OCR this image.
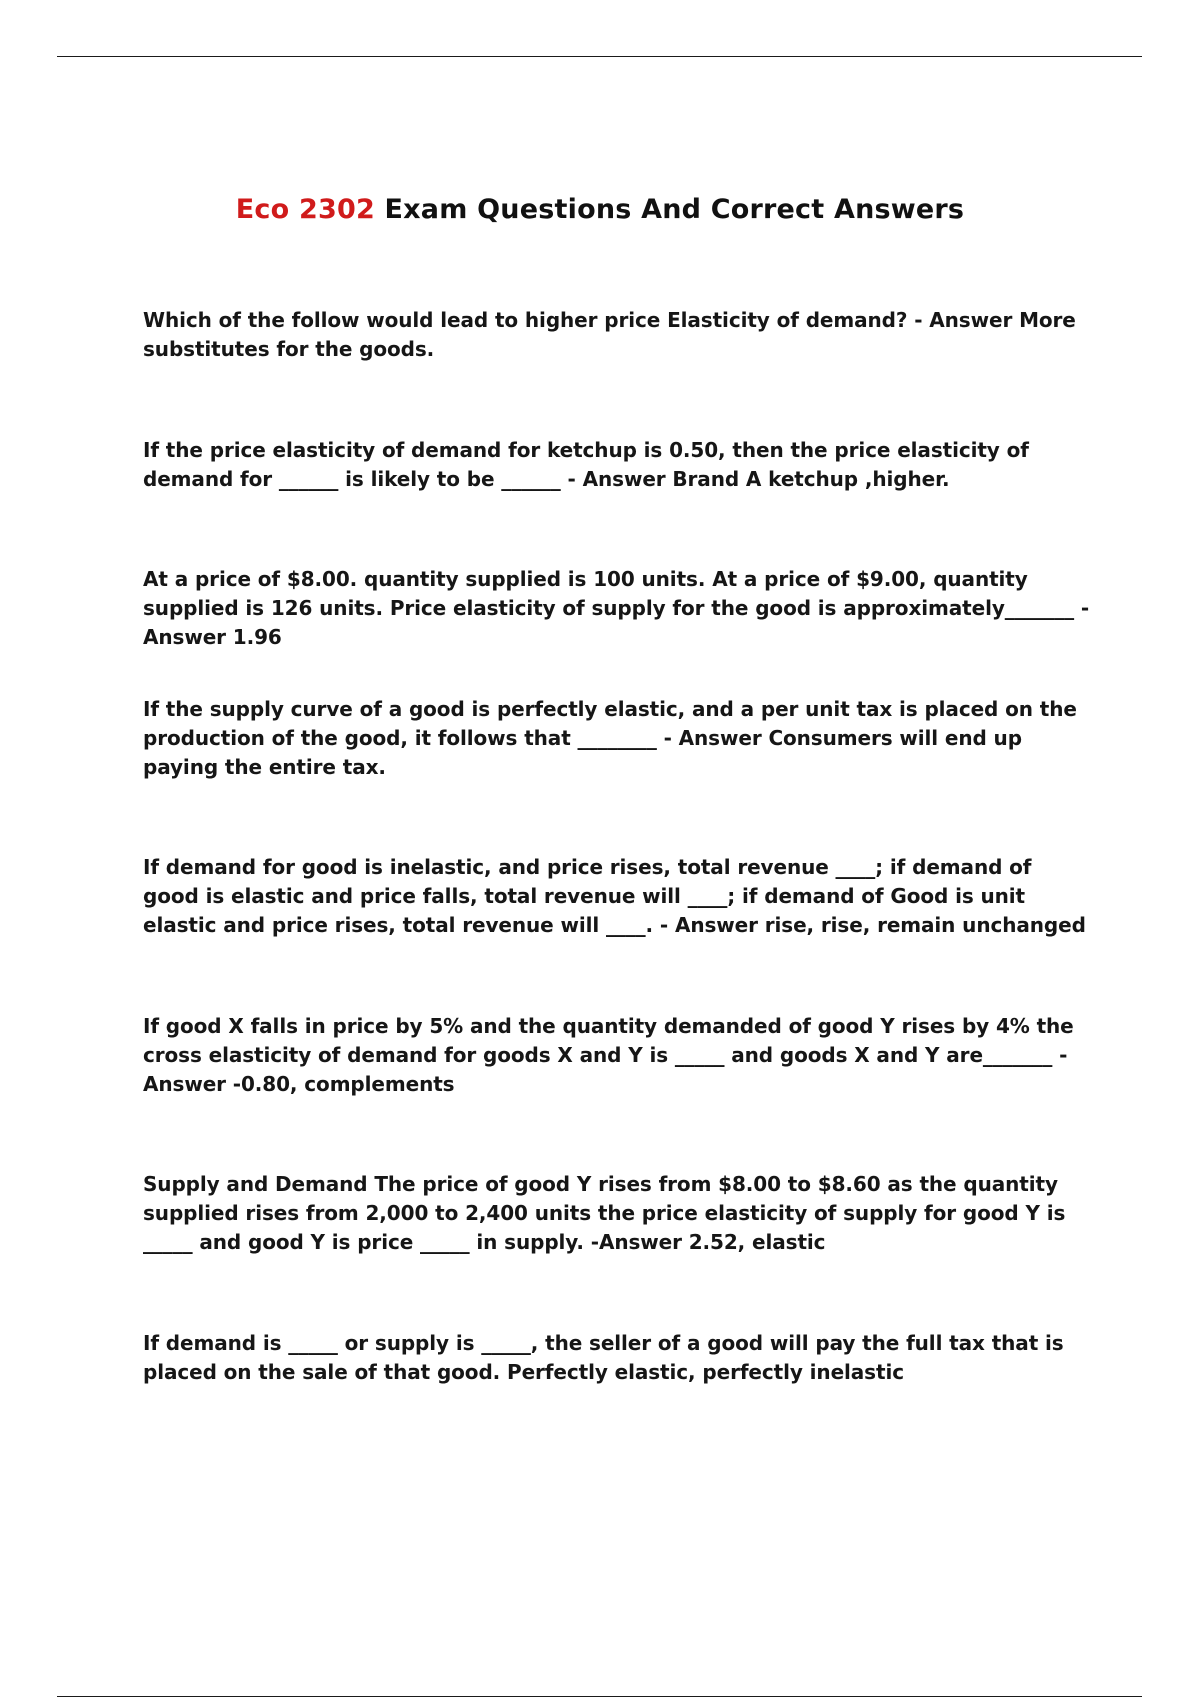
Eco 2302 Exam Questions And Correct Answers

Which of the follow would lead to higher price Elasticity of demand? - Answer More substitutes for the goods.

If the price elasticity of demand for ketchup is 0.50, then the price elasticity of demand for ______ is likely to be ______ - Answer Brand A ketchup ,higher.

At a price of $8.00. quantity supplied is 100 units. At a price of $9.00, quantity supplied is 126 units. Price elasticity of supply for the good is approximately_______ - Answer 1.96

If the supply curve of a good is perfectly elastic, and a per unit tax is placed on the production of the good, it follows that ________ - Answer Consumers will end up paying the entire tax.

If demand for good is inelastic, and price rises, total revenue ____; if demand of good is elastic and price falls, total revenue will ____; if demand of Good is unit elastic and price rises, total revenue will ____. - Answer rise, rise, remain unchanged

If good X falls in price by 5% and the quantity demanded of good Y rises by 4% the cross elasticity of demand for goods X and Y is _____ and goods X and Y are_______ - Answer -0.80, complements

Supply and Demand The price of good Y rises from $8.00 to $8.60 as the quantity supplied rises from 2,000 to 2,400 units the price elasticity of supply for good Y is _____ and good Y is price _____ in supply. -Answer 2.52, elastic

If demand is _____ or supply is _____, the seller of a good will pay the full tax that is placed on the sale of that good. Perfectly elastic, perfectly inelastic
